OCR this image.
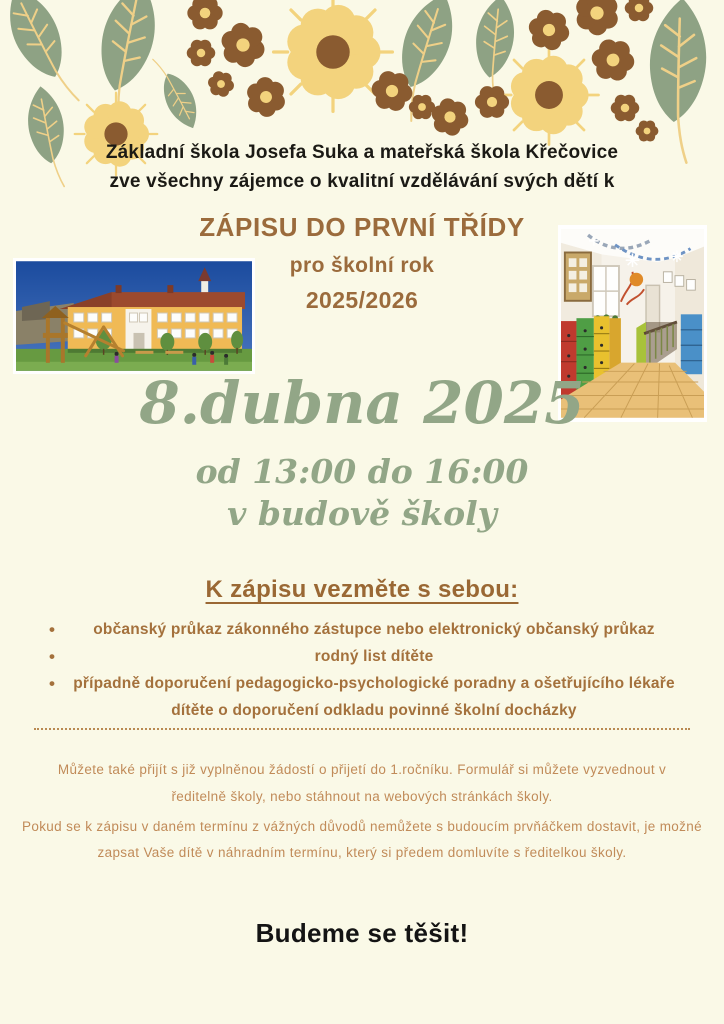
Základní škola Josefa Suka a mateřská škola Křečovice
zve všechny zájemce o kvalitní vzdělávání svých dětí k
ZÁPISU DO PRVNÍ TŘÍDY
pro školní rok
2025/2026
8.dubna 2025
od 13:00 do 16:00
v budově školy
K zápisu vezměte s sebou:
•	občanský průkaz zákonného zástupce nebo elektronický občanský průkaz
•	rodný list dítěte
•	případně doporučení pedagogicko-psychologické poradny a ošetřujícího lékaře dítěte o doporučení odkladu povinné školní docházky
Můžete také přijít s již vyplněnou žádostí o přijetí do 1.ročníku. Formulář si můžete vyzvednout v ředitelně školy, nebo stáhnout na webových stránkách školy.
Pokud se k zápisu v daném termínu z vážných důvodů nemůžete s budoucím prvňáčkem dostavit, je možné zapsat Vaše dítě v náhradním termínu, který si předem domluvíte s ředitelkou školy.
Budeme se těšit!
